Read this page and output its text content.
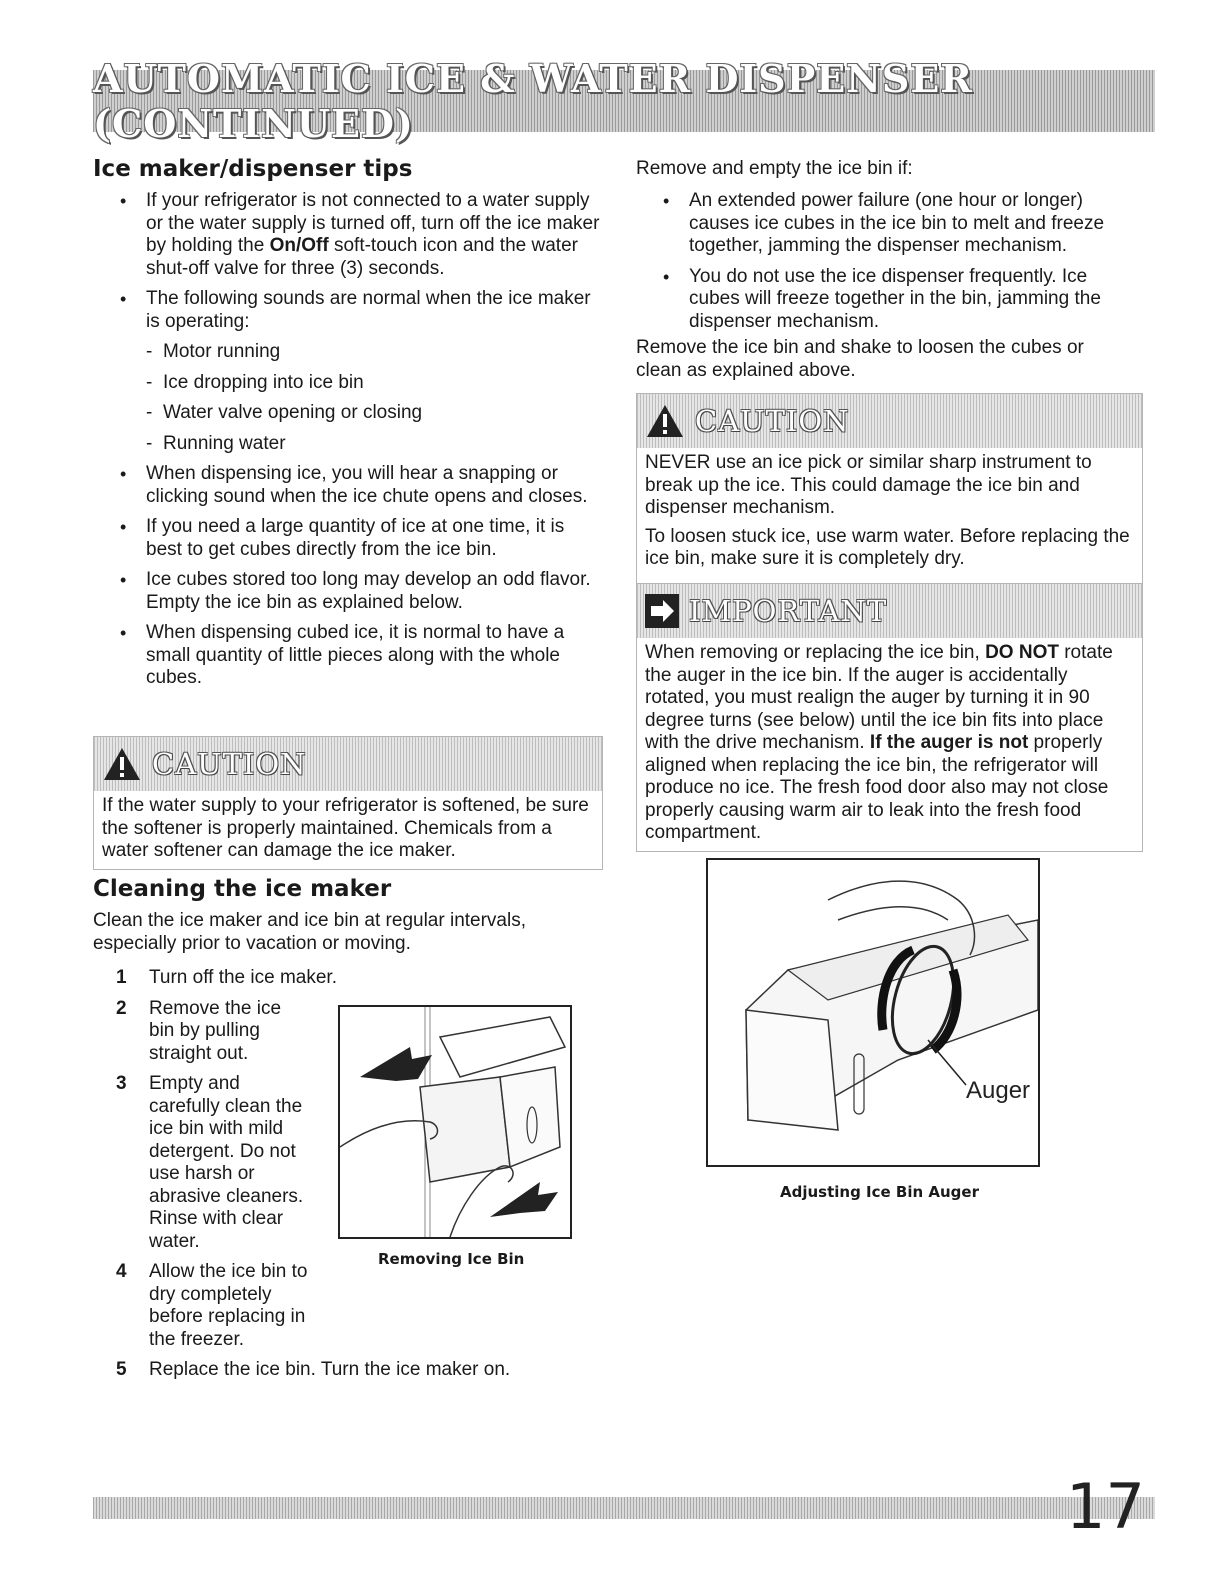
AUTOMATIC ICE & WATER DISPENSER (CONTINUED)
Ice maker/dispenser tips
• If your refrigerator is not connected to a water supply or the water supply is turned off, turn off the ice maker by holding the On/Off soft-touch icon and the water shut-off valve for three (3) seconds.
• The following sounds are normal when the ice maker is operating:
- Motor running
- Ice dropping into ice bin
- Water valve opening or closing
- Running water
• When dispensing ice, you will hear a snapping or clicking sound when the ice chute opens and closes.
• If you need a large quantity of ice at one time, it is best to get cubes directly from the ice bin.
• Ice cubes stored too long may develop an odd flavor. Empty the ice bin as explained below.
• When dispensing cubed ice, it is normal to have a small quantity of little pieces along with the whole cubes.
CAUTION
If the water supply to your refrigerator is softened, be sure the softener is properly maintained. Chemicals from a water softener can damage the ice maker.
Cleaning the ice maker

Clean the ice maker and ice bin at regular intervals, especially prior to vacation or moving.

1 Turn off the ice maker.
2 Remove the ice bin by pulling straight out.
3 Empty and carefully clean the ice bin with mild detergent. Do not use harsh or abrasive cleaners. Rinse with clear water.
4 Allow the ice bin to dry completely before replacing in the freezer.
5 Replace the ice bin. Turn the ice maker on.
Removing Ice Bin

Remove and empty the ice bin if:

• An extended power failure (one hour or longer) causes ice cubes in the ice bin to melt and freeze together, jamming the dispenser mechanism.
• You do not use the ice dispenser frequently. Ice cubes will freeze together in the bin, jamming the dispenser mechanism.

Remove the ice bin and shake to loosen the cubes or clean as explained above.

CAUTION

NEVER use an ice pick or similar sharp instrument to break up the ice. This could damage the ice bin and dispenser mechanism.

To loosen stuck ice, use warm water. Before replacing the ice bin, make sure it is completely dry.

IMPORTANT
When removing or replacing the ice bin, DO NOT rotate the auger in the ice bin. If the auger is accidentally rotated, you must realign the auger by turning it in 90 degree turns (see below) until the ice bin fits into place with the drive mechanism. If the auger is not properly aligned when replacing the ice bin, the refrigerator will produce no ice. The fresh food door also may not close properly causing warm air to leak into the fresh food compartment.
Auger
Adjusting Ice Bin Auger
17
